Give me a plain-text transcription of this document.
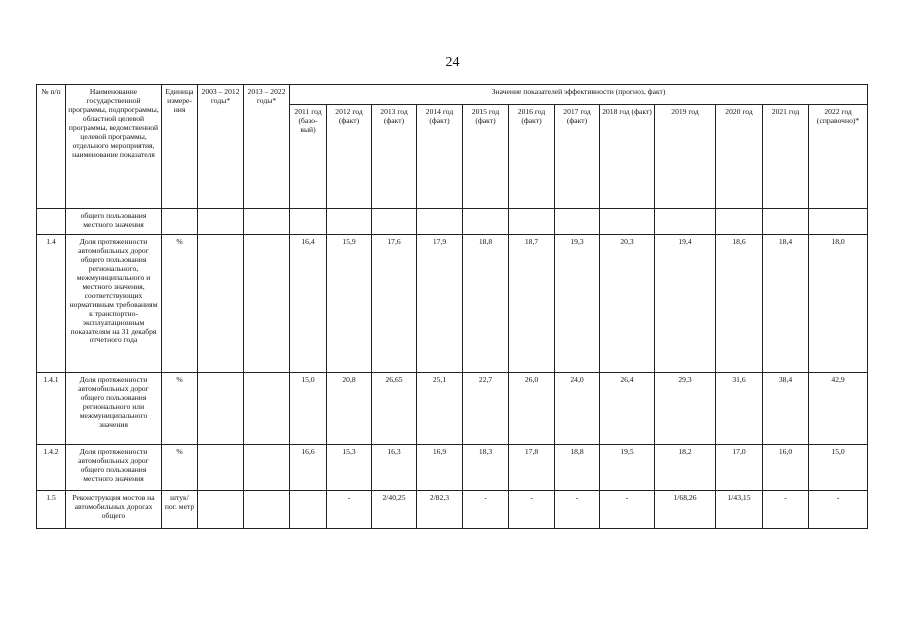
24
№ п/п	Наименование государственной программы, подпрограммы, областной целевой программы, ведомственной целевой программы, отдельного мероприятия, наименование показателя	Единица измере-ния	2003 – 2012 годы*	2013 – 2022 годы*	Значение показателей эффективности (прогноз, факт)											
					2011 год (базо-вый)	2012 год (факт)	2013 год (факт)	2014 год (факт)	2015 год (факт)	2016 год (факт)	2017 год (факт)	2018 год (факт)	2019 год	2020 год	2021 год	2022 год (справочно)*
	общего пользования местного значения															
1.4	Доля протяженности автомобильных дорог общего пользования регионального, межмуниципального и местного значения, соответствующих нормативным требованиям к транспортно-эксплуатационным показателям на 31 декабря отчетного года	%			16,4	15,9	17,6	17,9	18,8	18,7	19,3	20,3	19,4	18,6	18,4	18,0
1.4.1	Доля протяженности автомобильных дорог общего пользования регионального или межмуниципального значения	%			15,0	20,8	26,65	25,1	22,7	26,0	24,0	26,4	29,3	31,6	38,4	42,9
1.4.2	Доля протяженности автомобильных дорог общего пользования местного значения	%			16,6	15,3	16,3	16,9	18,3	17,8	18,8	19,5	18,2	17,0	16,0	15,0
1.5	Реконструкция мостов на автомобильных дорогах общего	штук/ пог. метр				-	2/40,25	2/82,3	-	-	-	-	1/68,26	1/43,15	-	-
